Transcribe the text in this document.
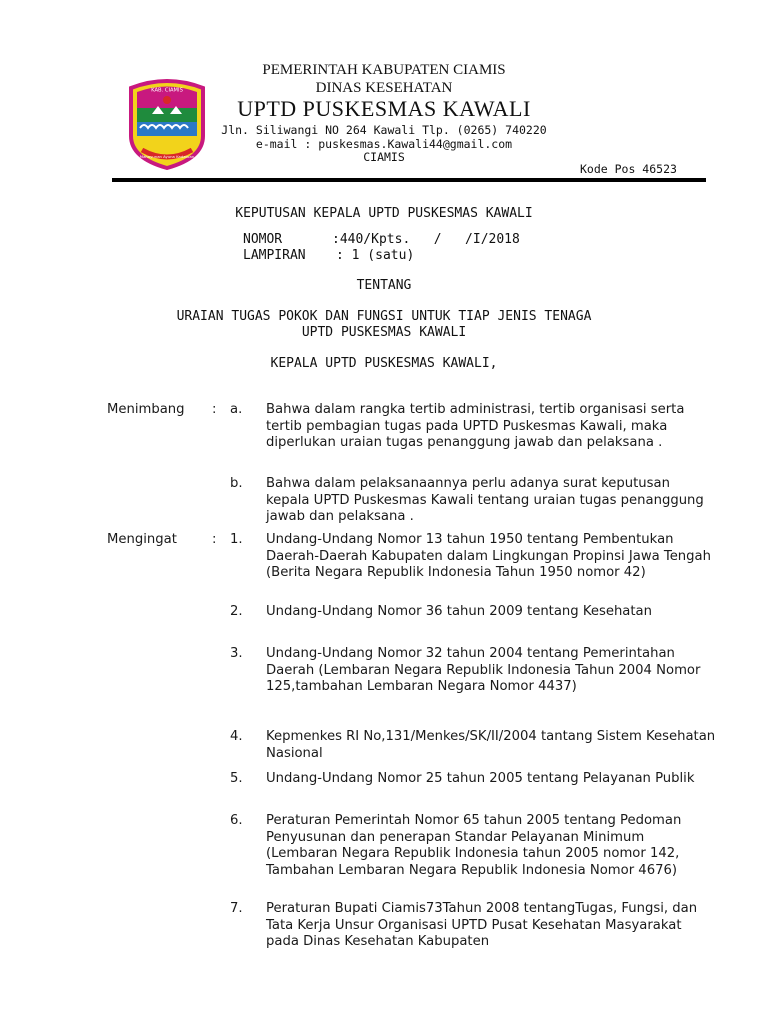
KAB. CIAMIS
Mahayunan Ayuna Kadatuan
PEMERINTAH KABUPATEN CIAMIS
DINAS KESEHATAN
UPTD PUSKESMAS KAWALI
Jln. Siliwangi NO 264 Kawali Tlp. (0265) 740220
e-mail : puskesmas.Kawali44@gmail.com
CIAMIS
Kode Pos 46523
KEPUTUSAN KEPALA UPTD PUSKESMAS KAWALI
NOMOR	:440/Kpts.   /   /I/2018
LAMPIRAN : 1 (satu)
TENTANG
URAIAN TUGAS POKOK DAN FUNGSI UNTUK TIAP JENIS TENAGA
UPTD PUSKESMAS KAWALI
KEPALA UPTD PUSKESMAS KAWALI,
Menimbang : a. Bahwa dalam rangka tertib administrasi, tertib organisasi serta tertib pembagian tugas pada UPTD Puskesmas Kawali, maka diperlukan uraian tugas penanggung jawab dan pelaksana .
b. Bahwa dalam pelaksanaannya perlu adanya surat keputusan kepala UPTD Puskesmas Kawali tentang uraian tugas penanggung jawab dan pelaksana .
Mengingat	: 1. Undang-Undang Nomor 13 tahun 1950 tentang Pembentukan Daerah-Daerah Kabupaten dalam Lingkungan Propinsi Jawa Tengah (Berita Negara Republik Indonesia Tahun 1950 nomor 42)
2. Undang-Undang Nomor 36 tahun 2009 tentang Kesehatan
3. Undang-Undang Nomor 32 tahun 2004 tentang Pemerintahan Daerah (Lembaran Negara Republik Indonesia Tahun 2004 Nomor 125,tambahan Lembaran Negara Nomor 4437)
4. Kepmenkes RI No,131/Menkes/SK/II/2004 tantang Sistem Kesehatan Nasional
5. Undang-Undang Nomor 25 tahun 2005 tentang Pelayanan Publik
6. Peraturan Pemerintah Nomor 65 tahun 2005 tentang Pedoman Penyusunan dan penerapan Standar Pelayanan Minimum (Lembaran Negara Republik Indonesia tahun 2005 nomor 142, Tambahan Lembaran Negara Republik Indonesia Nomor 4676)
7. Peraturan Bupati Ciamis73Tahun 2008 tentangTugas, Fungsi, dan Tata Kerja Unsur Organisasi UPTD Pusat Kesehatan Masyarakat pada Dinas Kesehatan Kabupaten
